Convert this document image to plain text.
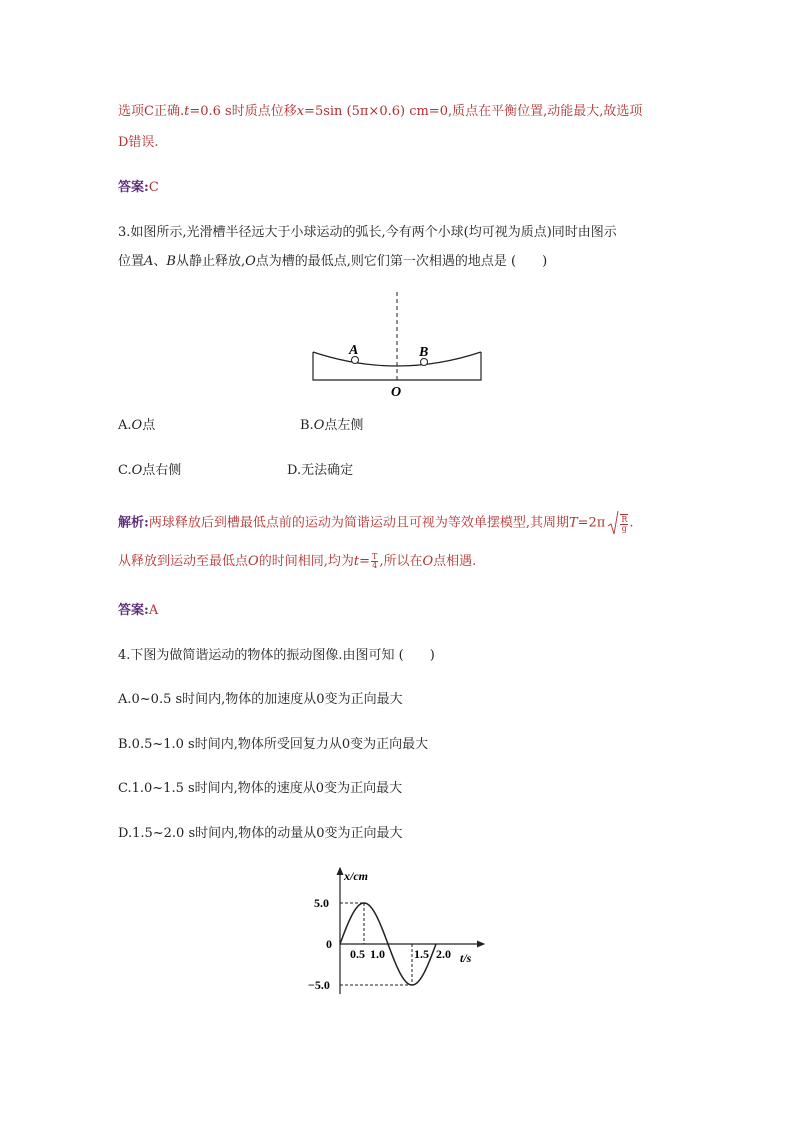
选项C正确.t=0.6 s时质点位移x=5sin (5π×0.6) cm=0,质点在平衡位置,动能最大,故选项
D错误.
答案:C
3.如图所示,光滑槽半径远大于小球运动的弧长,今有两个小球(均可视为质点)同时由图示
位置A、B从静止释放,O点为槽的最低点,则它们第一次相遇的地点是 (　　)
A	B
O
A.O点	B.O点左侧
C.O点右侧	D.无法确定
解析:两球释放后到槽最低点前的运动为简谐运动且可视为等效单摆模型,其周期$T=2\pi \frac{R}{g}$ .
从释放到运动至最低点O的时间相同,均为$t= \frac{T}{4}$ ,所以在O点相遇.
答案:A
4.下图为做简谐运动的物体的振动图像.由图可知 (　　)
A.0~0.5 s时间内,物体的加速度从0变为正向最大
B.0.5~1.0 s时间内,物体所受回复力从0变为正向最大
C.1.0~1.5 s时间内,物体的速度从0变为正向最大
D.1.5~2.0 s时间内,物体的动量从0变为正向最大
x/cm
t/s
5.0
0
−5.0
0.5 1.0 1.5 2.0
